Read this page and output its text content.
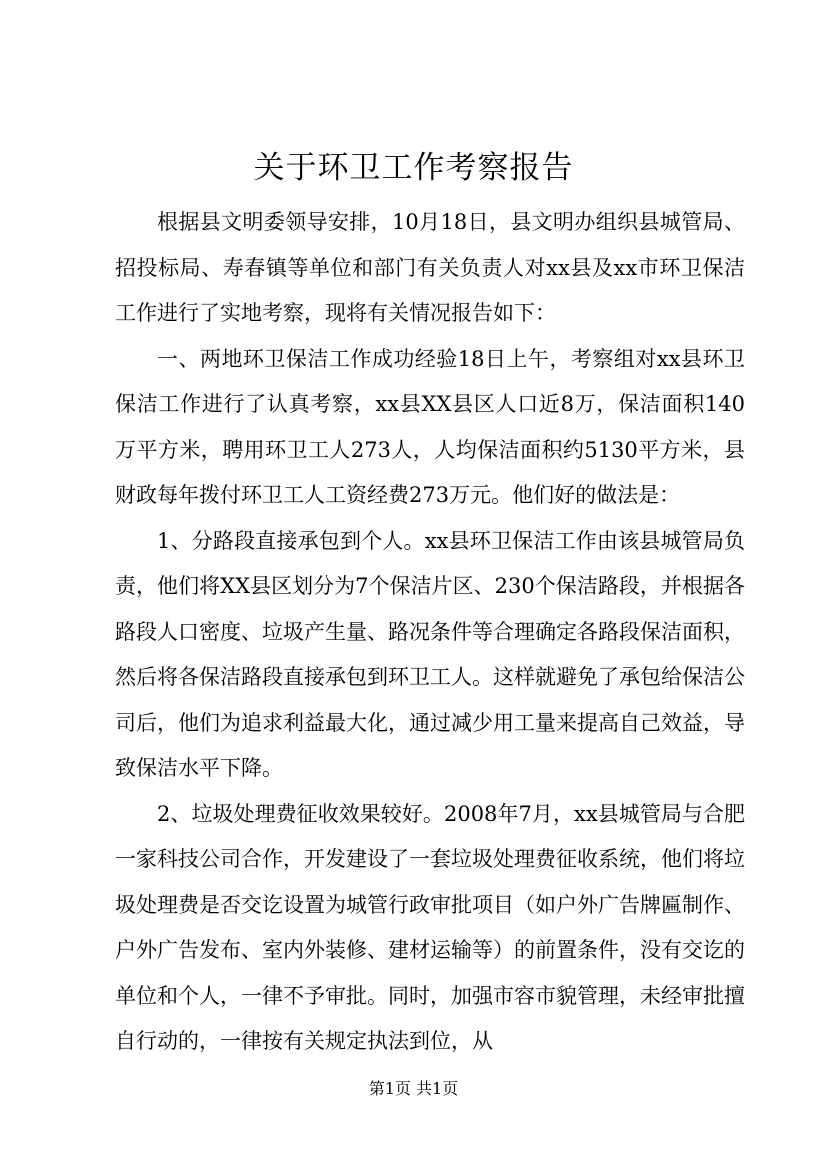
关于环卫工作考察报告

根据县文明委领导安排，10月18日，县文明办组织县城管局、招投标局、寿春镇等单位和部门有关负责人对xx县及xx市环卫保洁工作进行了实地考察，现将有关情况报告如下：

一、两地环卫保洁工作成功经验18日上午，考察组对xx县环卫保洁工作进行了认真考察，xx县XX县区人口近8万，保洁面积140万平方米，聘用环卫工人273人，人均保洁面积约5130平方米，县财政每年拨付环卫工人工资经费273万元。他们好的做法是：

1、分路段直接承包到个人。xx县环卫保洁工作由该县城管局负责，他们将XX县区划分为7个保洁片区、230个保洁路段，并根据各路段人口密度、垃圾产生量、路况条件等合理确定各路段保洁面积，然后将各保洁路段直接承包到环卫工人。这样就避免了承包给保洁公司后，他们为追求利益最大化，通过减少用工量来提高自己效益，导致保洁水平下降。

2、垃圾处理费征收效果较好。2008年7月，xx县城管局与合肥一家科技公司合作，开发建设了一套垃圾处理费征收系统，他们将垃圾处理费是否交讫设置为城管行政审批项目（如户外广告牌匾制作、户外广告发布、室内外装修、建材运输等）的前置条件，没有交讫的单位和个人，一律不予审批。同时，加强市容市貌管理，未经审批擅自行动的，一律按有关规定执法到位，从

第1页 共1页
